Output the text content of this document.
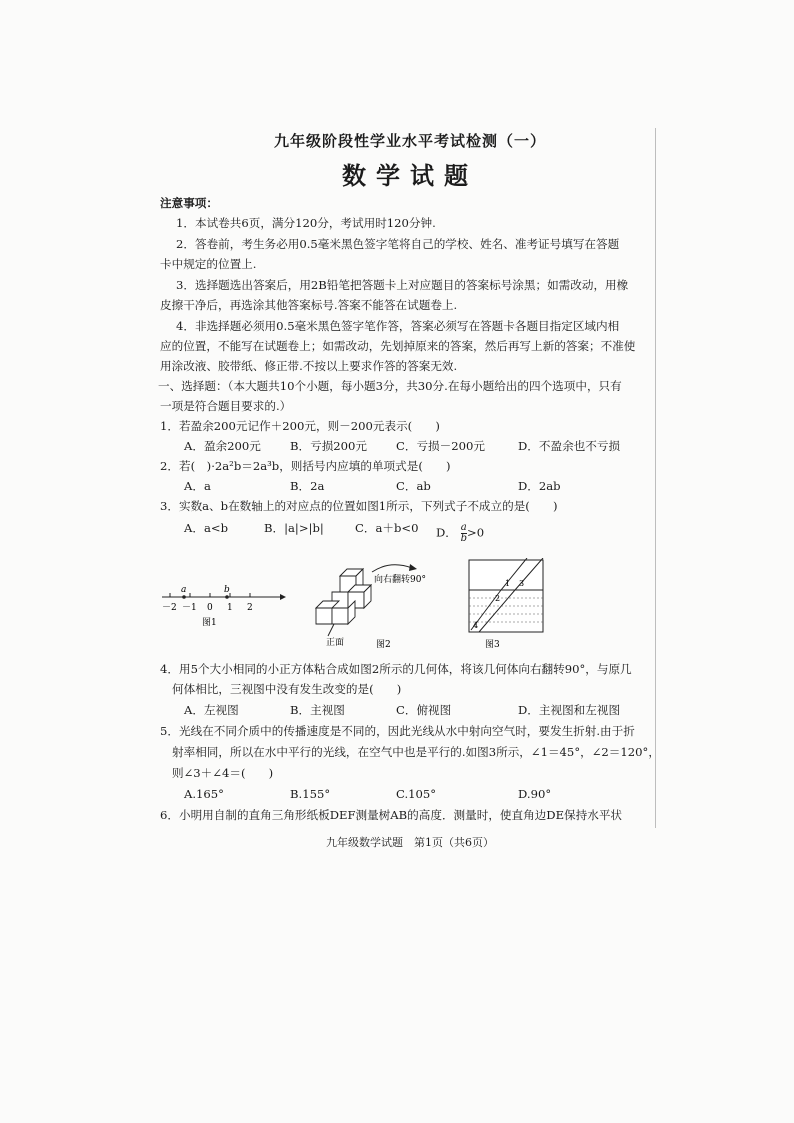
九年级阶段性学业水平考试检测（一）
数学试题
注意事项：
1．本试卷共6页，满分120分，考试用时120分钟.
2．答卷前，考生务必用0.5毫米黑色签字笔将自己的学校、姓名、准考证号填写在答题
卡中规定的位置上.
3．选择题选出答案后，用2B铅笔把答题卡上对应题目的答案标号涂黑；如需改动，用橡
皮擦干净后，再选涂其他答案标号.答案不能答在试题卷上.
4．非选择题必须用0.5毫米黑色签字笔作答，答案必须写在答题卡各题目指定区域内相
应的位置，不能写在试题卷上；如需改动，先划掉原来的答案，然后再写上新的答案；不准使
用涂改液、胶带纸、修正带.不按以上要求作答的答案无效.
一、选择题：（本大题共10个小题，每小题3分，共30分.在每小题给出的四个选项中，只有
一项是符合题目要求的.）
1．若盈余200元记作＋200元，则－200元表示(　　)
A．盈余200元	B．亏损200元 C．亏损－200元	D．不盈余也不亏损
2．若(　)·2a²b＝2a³b，则括号内应填的单项式是(　　)
A．a	B．2a	C．ab	D．2ab
3．实数a、b在数轴上的对应点的位置如图1所示，下列式子不成立的是(　　)
A．a<b	B．|a|>|b|	C．a＋b<0 D． $\frac{a}{b} >0$
a	b
－2 －1 0 1 2
图1
向右翻转90°
正面	图2
1
2
3
4
图3
4．用5个大小相同的小正方体粘合成如图2所示的几何体，将该几何体向右翻转90°，与原几
何体相比，三视图中没有发生改变的是(　　)
A．左视图	B．主视图	C．俯视图	D．主视图和左视图
5．光线在不同介质中的传播速度是不同的，因此光线从水中射向空气时，要发生折射.由于折
射率相同，所以在水中平行的光线，在空气中也是平行的.如图3所示，∠1＝45°，∠2＝120°，
则∠3＋∠4＝(　　)
A.165°	B.155°	C.105°	D.90°
6．小明用自制的直角三角形纸板DEF测量树AB的高度．测量时，使直角边DE保持水平状
九年级数学试题　第1页（共6页）
